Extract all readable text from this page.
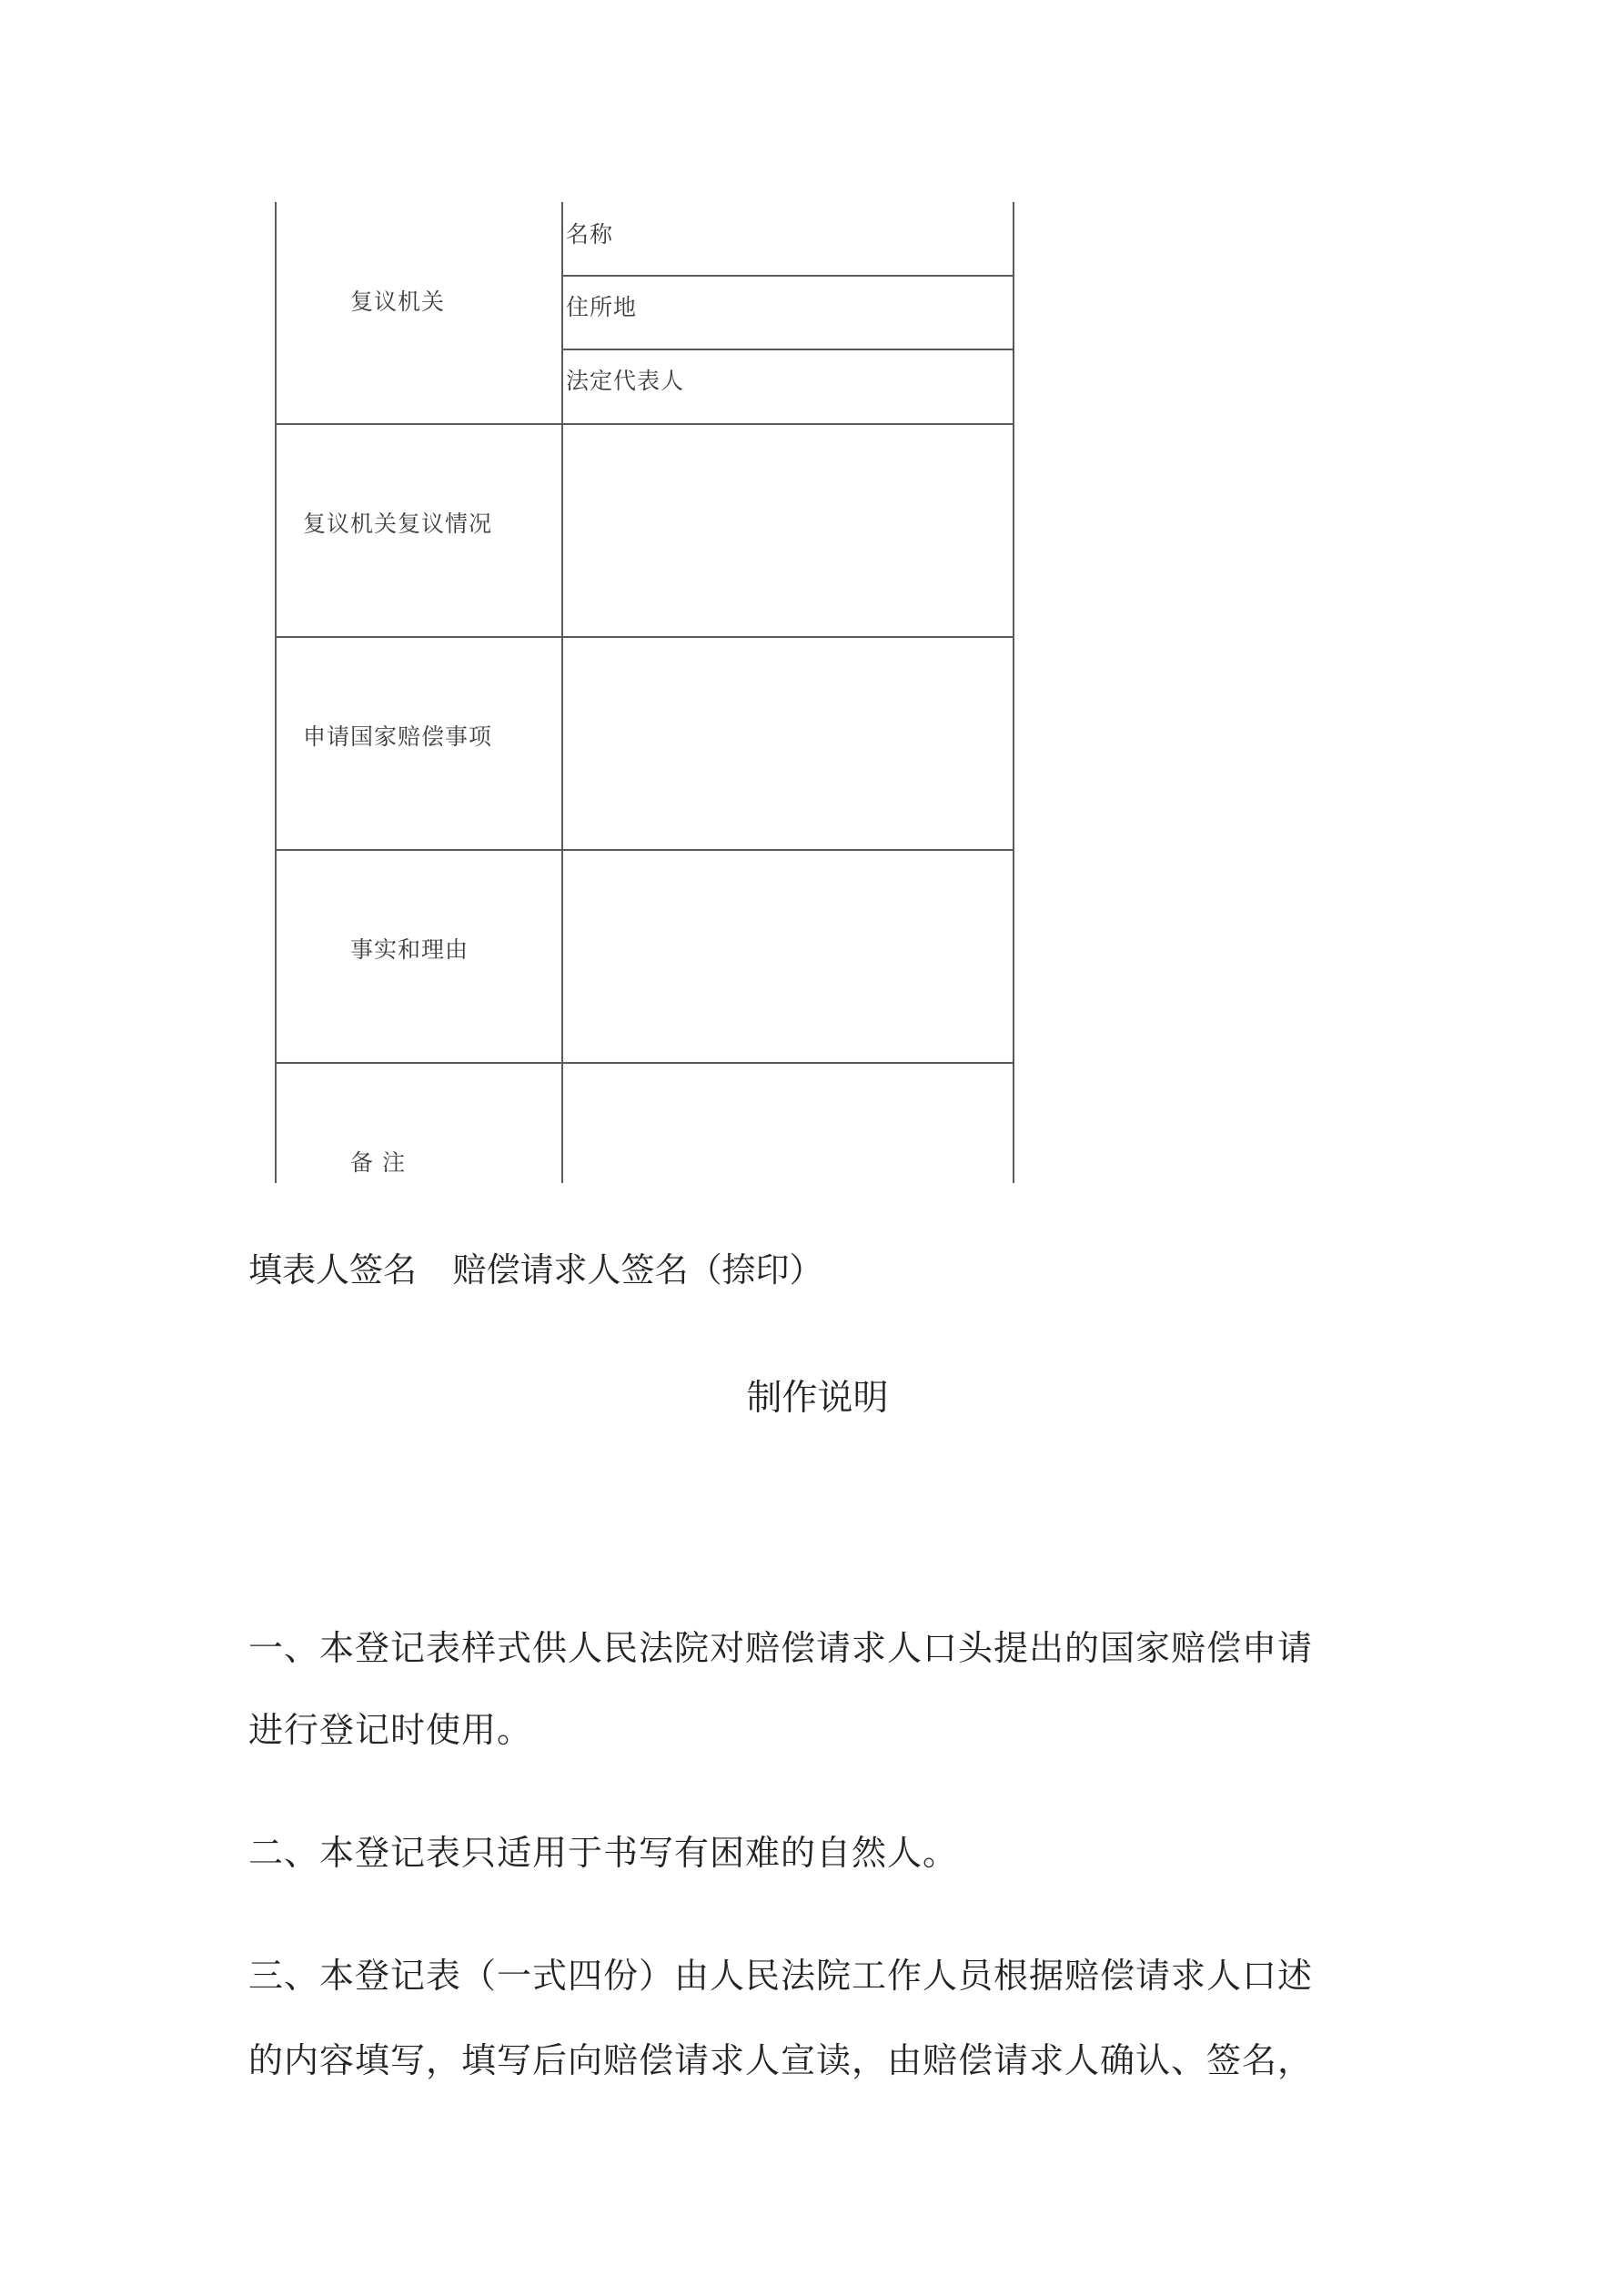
复议机关
复议机关复议情况
申请国家赔偿事项
事实和理由
备 注
名称
住所地
法定代表人
填表人签名 赔偿请求人签名（捺印）
制作说明
一、本登记表样式供人民法院对赔偿请求人口头提出的国家赔偿申请
进行登记时使用。
二、本登记表只适用于书写有困难的自然人。
三、本登记表（一式四份）由人民法院工作人员根据赔偿请求人口述
的内容填写，填写后向赔偿请求人宣读，由赔偿请求人确认、签名，
